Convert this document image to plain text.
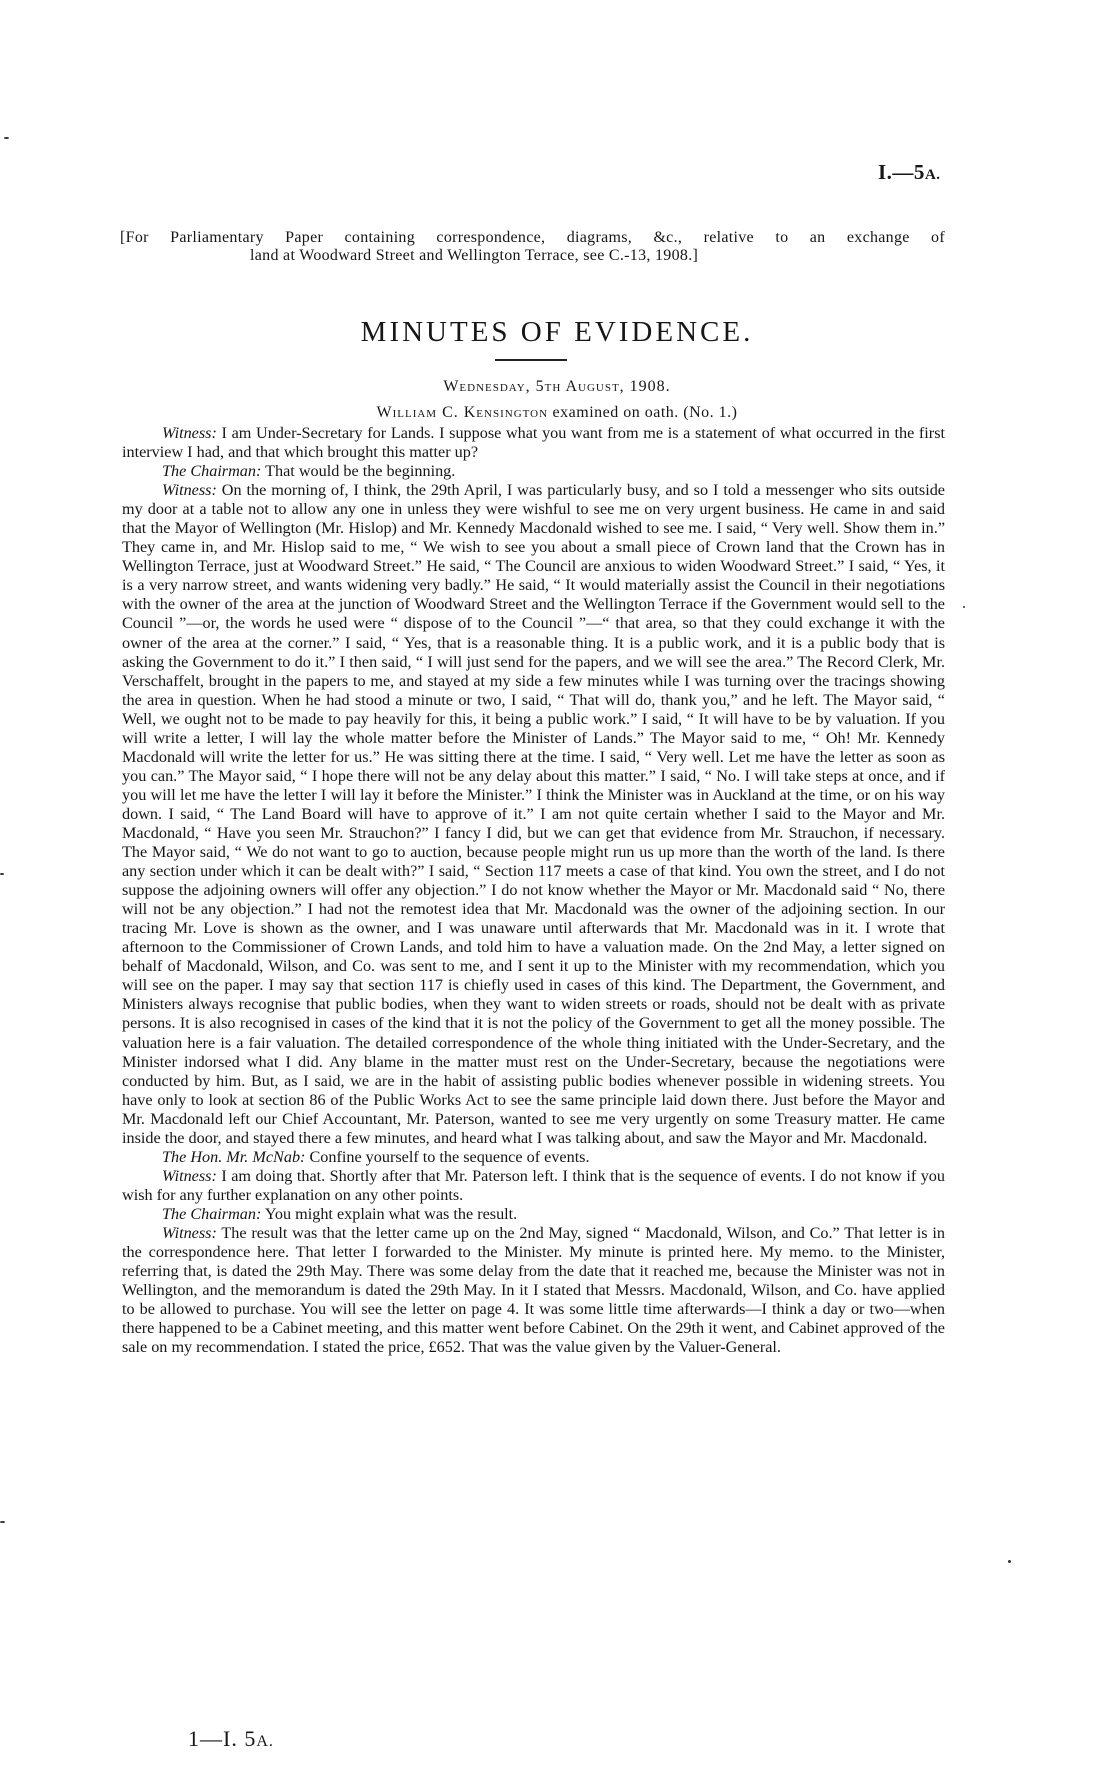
I.—5A.
[For Parliamentary Paper containing correspondence, diagrams, &c., relative to an exchange of
land at Woodward Street and Wellington Terrace, see C.-13, 1908.]
MINUTES OF EVIDENCE.
Wednesday, 5th August, 1908.
William C. Kensington examined on oath. (No. 1.)

Witness: I am Under-Secretary for Lands. I suppose what you want from me is a statement of what occurred in the first interview I had, and that which brought this matter up?

The Chairman: That would be the beginning.

Witness: On the morning of, I think, the 29th April, I was particularly busy, and so I told a messenger who sits outside my door at a table not to allow any one in unless they were wishful to see me on very urgent business. He came in and said that the Mayor of Wellington (Mr. Hislop) and Mr. Kennedy Macdonald wished to see me. I said, “ Very well. Show them in.” They came in, and Mr. Hislop said to me, “ We wish to see you about a small piece of Crown land that the Crown has in Wellington Terrace, just at Woodward Street.” He said, “ The Council are anxious to widen Woodward Street.” I said, “ Yes, it is a very narrow street, and wants widening very badly.” He said, “ It would materially assist the Council in their negotiations with the owner of the area at the junction of Woodward Street and the Wellington Terrace if the Government would sell to the Council ”—or, the words he used were “ dispose of to the Council ”—“ that area, so that they could exchange it with the owner of the area at the corner.” I said, “ Yes, that is a reasonable thing. It is a public work, and it is a public body that is asking the Government to do it.” I then said, “ I will just send for the papers, and we will see the area.” The Record Clerk, Mr. Verschaffelt, brought in the papers to me, and stayed at my side a few minutes while I was turning over the tracings showing the area in question. When he had stood a minute or two, I said, “ That will do, thank you,” and he left. The Mayor said, “ Well, we ought not to be made to pay heavily for this, it being a public work.” I said, “ It will have to be by valuation. If you will write a letter, I will lay the whole matter before the Minister of Lands.” The Mayor said to me, “ Oh! Mr. Kennedy Macdonald will write the letter for us.” He was sitting there at the time. I said, “ Very well. Let me have the letter as soon as you can.” The Mayor said, “ I hope there will not be any delay about this matter.” I said, “ No. I will take steps at once, and if you will let me have the letter I will lay it before the Minister.” I think the Minister was in Auckland at the time, or on his way down. I said, “ The Land Board will have to approve of it.” I am not quite certain whether I said to the Mayor and Mr. Macdonald, “ Have you seen Mr. Strauchon?” I fancy I did, but we can get that evidence from Mr. Strauchon, if necessary. The Mayor said, “ We do not want to go to auction, because people might run us up more than the worth of the land. Is there any section under which it can be dealt with?” I said, “ Section 117 meets a case of that kind. You own the street, and I do not suppose the adjoining owners will offer any objection.” I do not know whether the Mayor or Mr. Macdonald said “ No, there will not be any objection.” I had not the remotest idea that Mr. Macdonald was the owner of the adjoining section. In our tracing Mr. Love is shown as the owner, and I was unaware until afterwards that Mr. Macdonald was in it. I wrote that afternoon to the Commissioner of Crown Lands, and told him to have a valuation made. On the 2nd May, a letter signed on behalf of Macdonald, Wilson, and Co. was sent to me, and I sent it up to the Minister with my recommendation, which you will see on the paper. I may say that section 117 is chiefly used in cases of this kind. The Department, the Government, and Ministers always recognise that public bodies, when they want to widen streets or roads, should not be dealt with as private persons. It is also recognised in cases of the kind that it is not the policy of the Government to get all the money possible. The valuation here is a fair valuation. The detailed correspondence of the whole thing initiated with the Under-Secretary, and the Minister indorsed what I did. Any blame in the matter must rest on the Under-Secretary, because the negotiations were conducted by him. But, as I said, we are in the habit of assisting public bodies whenever possible in widening streets. You have only to look at section 86 of the Public Works Act to see the same principle laid down there. Just before the Mayor and Mr. Macdonald left our Chief Accountant, Mr. Paterson, wanted to see me very urgently on some Treasury matter. He came inside the door, and stayed there a few minutes, and heard what I was talking about, and saw the Mayor and Mr. Macdonald.

The Hon. Mr. McNab: Confine yourself to the sequence of events.

Witness: I am doing that. Shortly after that Mr. Paterson left. I think that is the sequence of events. I do not know if you wish for any further explanation on any other points.

The Chairman: You might explain what was the result.

Witness: The result was that the letter came up on the 2nd May, signed “ Macdonald, Wilson, and Co.” That letter is in the correspondence here. That letter I forwarded to the Minister. My minute is printed here. My memo. to the Minister, referring that, is dated the 29th May. There was some delay from the date that it reached me, because the Minister was not in Wellington, and the memorandum is dated the 29th May. In it I stated that Messrs. Macdonald, Wilson, and Co. have applied to be allowed to purchase. You will see the letter on page 4. It was some little time afterwards—I think a day or two—when there happened to be a Cabinet meeting, and this matter went before Cabinet. On the 29th it went, and Cabinet approved of the sale on my recommendation. I stated the price, £652. That was the value given by the Valuer-General.

1—I. 5A.
